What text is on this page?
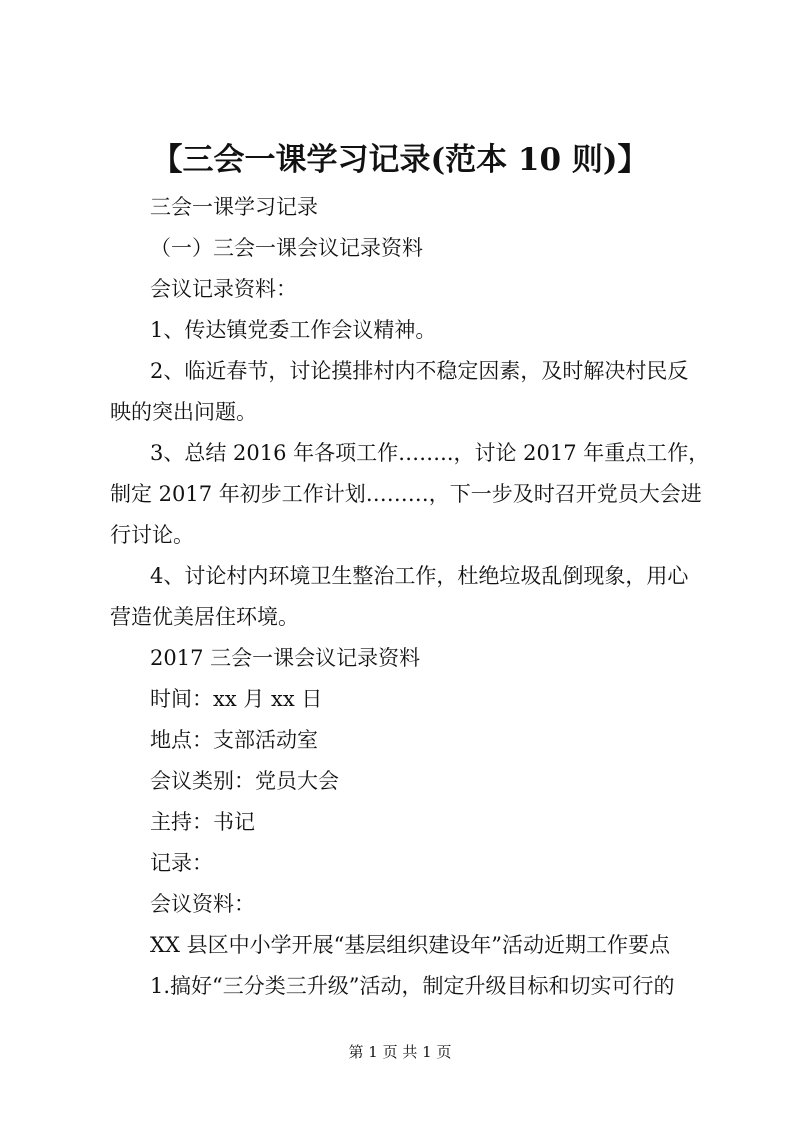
【三会一课学习记录(范本 10 则)】

三会一课学习记录

（一）三会一课会议记录资料

会议记录资料：

1、传达镇党委工作会议精神。

2、临近春节，讨论摸排村内不稳定因素，及时解决村民反

映的突出问题。

3、总结 2016 年各项工作……..，讨论 2017 年重点工作，

制定 2017 年初步工作计划………，下一步及时召开党员大会进

行讨论。

4、讨论村内环境卫生整治工作，杜绝垃圾乱倒现象，用心

营造优美居住环境。

2017 三会一课会议记录资料

时间：xx 月 xx 日

地点：支部活动室

会议类别：党员大会

主持：书记

记录：

会议资料：

XX 县区中小学开展“基层组织建设年”活动近期工作要点

1.搞好“三分类三升级”活动，制定升级目标和切实可行的

第 1 页 共 1 页
